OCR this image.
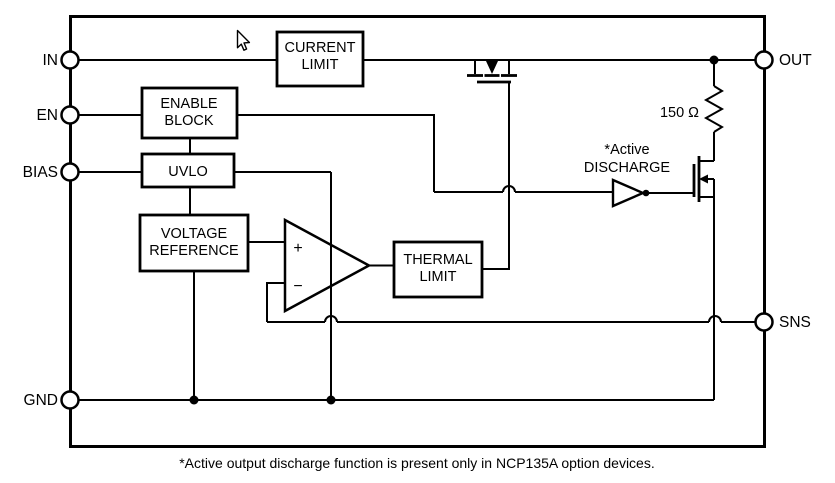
IN
EN
BIAS
GND
OUT
SNS
CURRENT
LIMIT
ENABLE
BLOCK
UVLO
VOLTAGE
REFERENCE
THERMAL
LIMIT
+
−
150 Ω
*Active
DISCHARGE
*Active output discharge function is present only in NCP135A option devices.
